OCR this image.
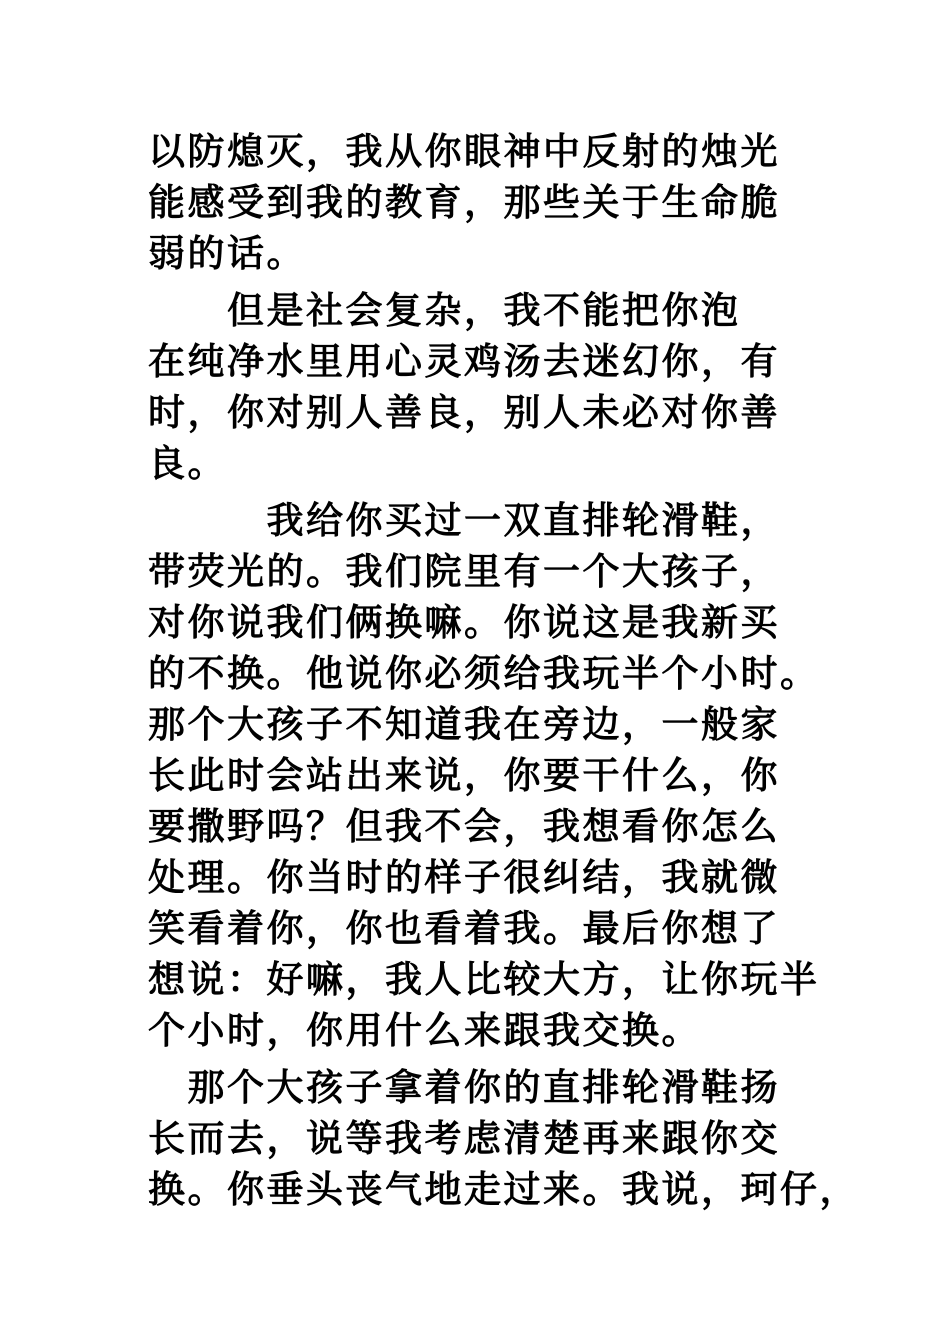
以防熄灭，我从你眼神中反射的烛光
能感受到我的教育，那些关于生命脆
弱的话。

　　但是社会复杂，我不能把你泡
在纯净水里用心灵鸡汤去迷幻你，有
时，你对别人善良，别人未必对你善
良。

　　　我给你买过一双直排轮滑鞋，
带荧光的。我们院里有一个大孩子，
对你说我们俩换嘛。你说这是我新买
的不换。他说你必须给我玩半个小时。
那个大孩子不知道我在旁边，一般家
长此时会站出来说，你要干什么，你
要撒野吗？但我不会，我想看你怎么
处理。你当时的样子很纠结，我就微
笑看着你，你也看着我。最后你想了
想说：好嘛，我人比较大方，让你玩半
个小时，你用什么来跟我交换。

　那个大孩子拿着你的直排轮滑鞋扬
长而去，说等我考虑清楚再来跟你交
换。你垂头丧气地走过来。我说，珂仔，
